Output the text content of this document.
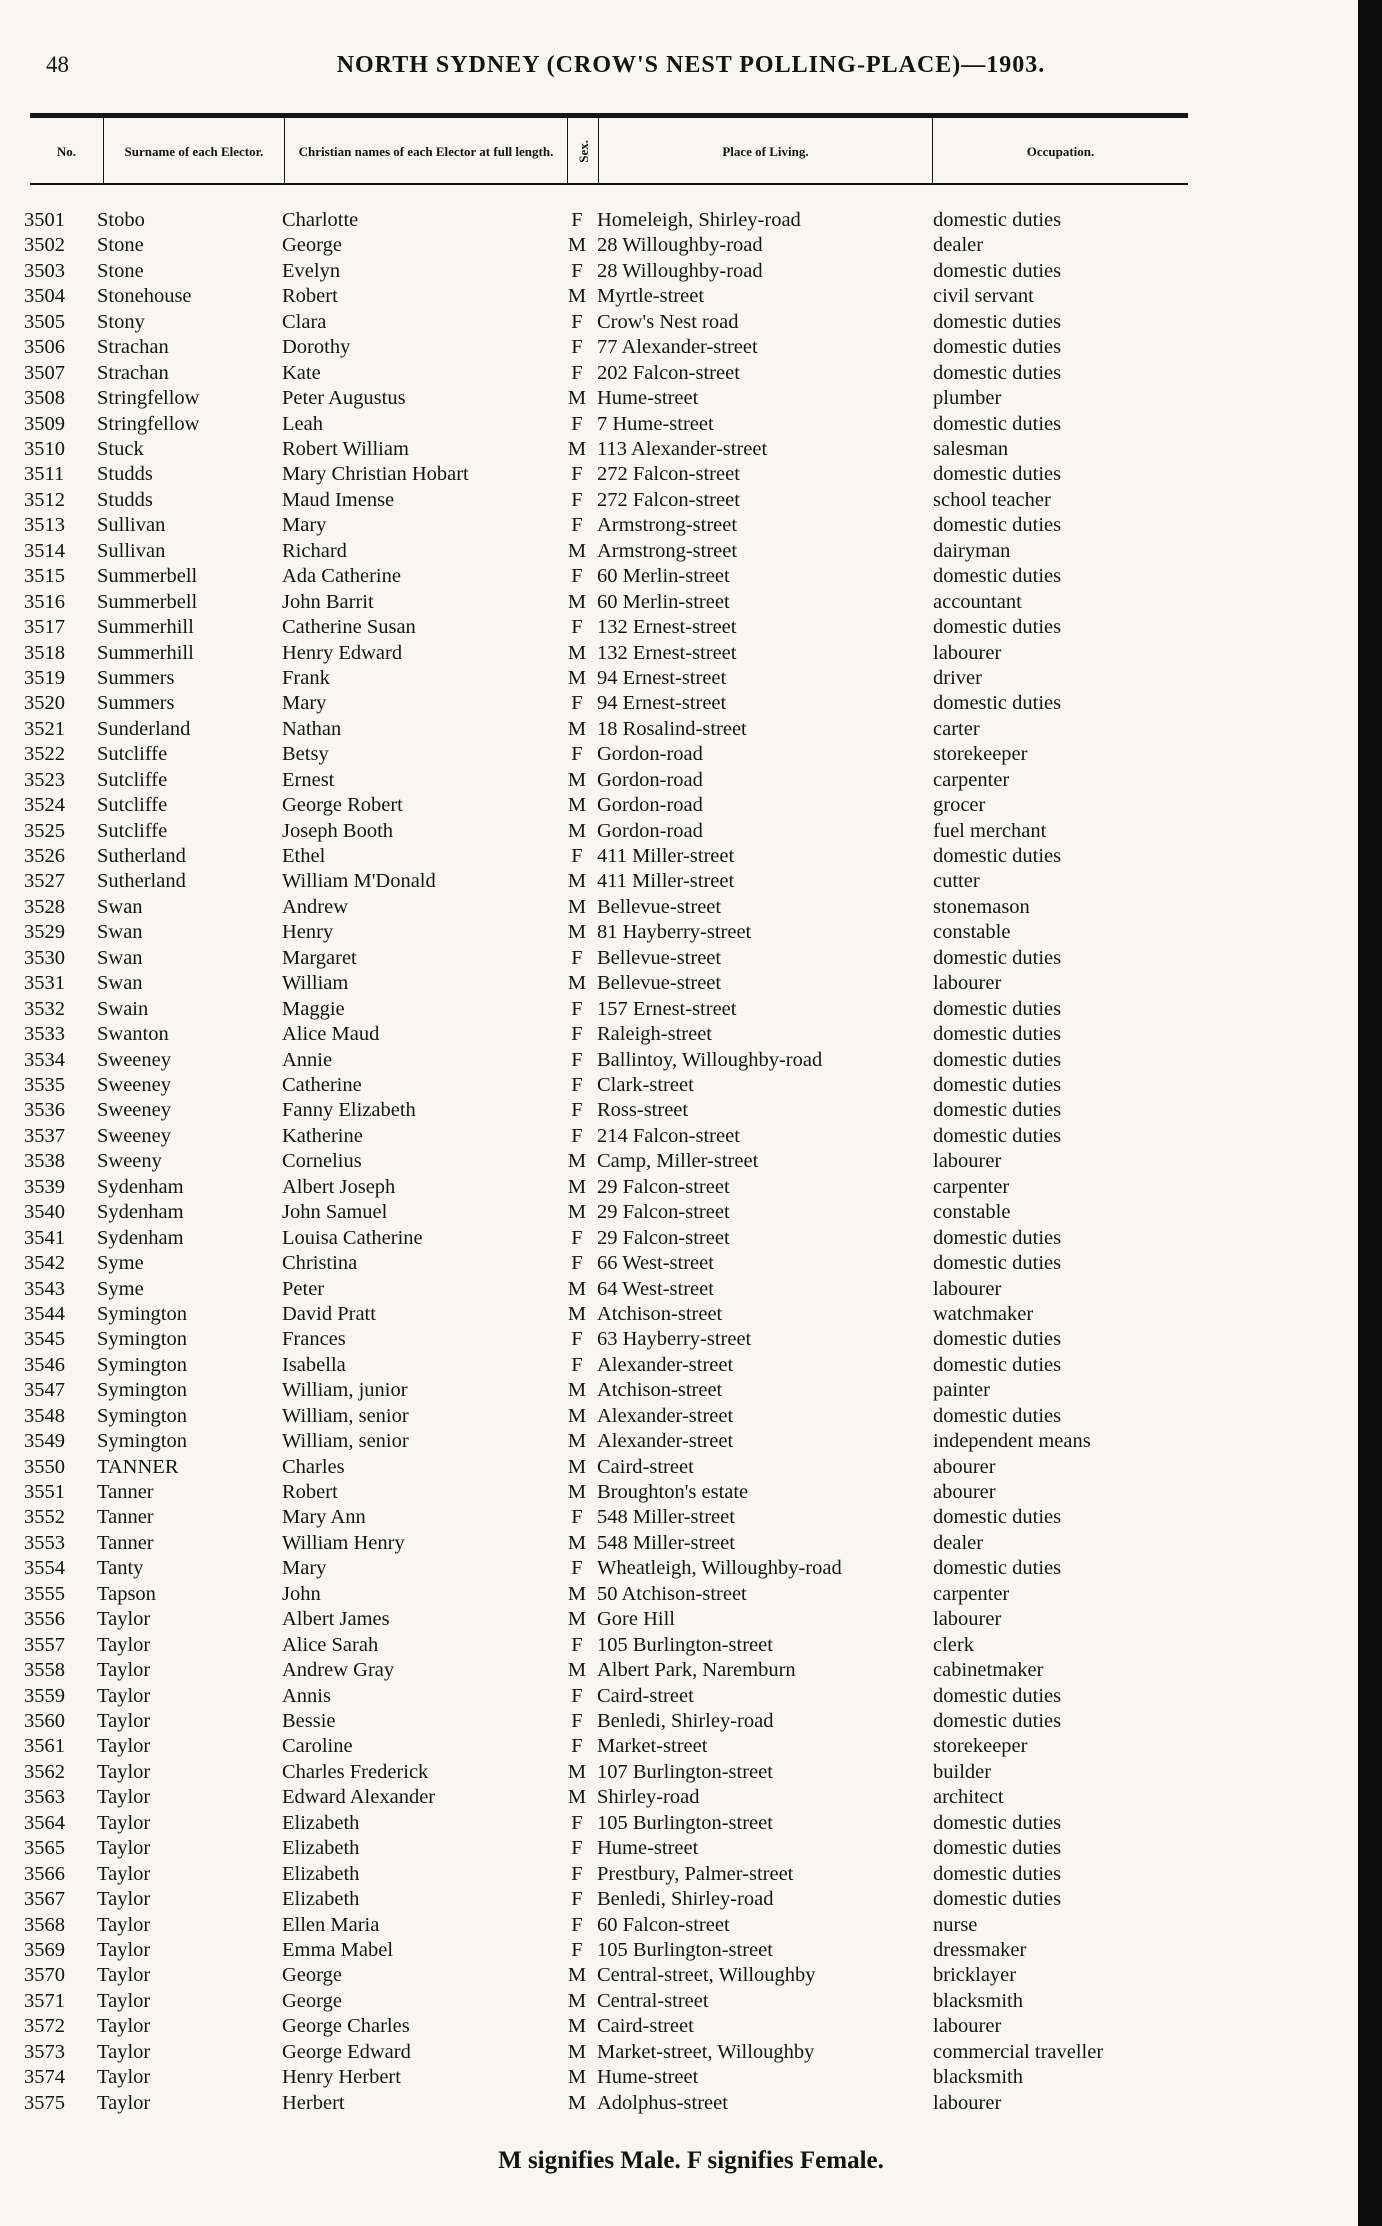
48	NORTH SYDNEY (CROW'S NEST POLLING-PLACE)—1903.
No.	Surname of each Elector.	Christian names of each Elector at full length. Sex.	Place of Living.	Occupation.
3501 Stobo	Charlotte	F Homeleigh, Shirley-road	domestic duties
3502 Stone	George	M 28 Willoughby-road	dealer
3503 Stone	Evelyn	F 28 Willoughby-road	domestic duties
3504 Stonehouse	Robert	M Myrtle-street	civil servant
3505 Stony	Clara	F Crow's Nest road	domestic duties
3506 Strachan	Dorothy	F 77 Alexander-street	domestic duties
3507 Strachan	Kate	F 202 Falcon-street	domestic duties
3508 Stringfellow	Peter Augustus	M Hume-street	plumber
3509 Stringfellow	Leah	F 7 Hume-street	domestic duties
3510 Stuck	Robert William	M 113 Alexander-street	salesman
3511 Studds	Mary Christian Hobart	F 272 Falcon-street	domestic duties
3512 Studds	Maud Imense	F 272 Falcon-street	school teacher
3513 Sullivan	Mary	F Armstrong-street	domestic duties
3514 Sullivan	Richard	M Armstrong-street	dairyman
3515 Summerbell	Ada Catherine	F 60 Merlin-street	domestic duties
3516 Summerbell	John Barrit	M 60 Merlin-street	accountant
3517 Summerhill	Catherine Susan	F 132 Ernest-street	domestic duties
3518 Summerhill	Henry Edward	M 132 Ernest-street	labourer
3519 Summers	Frank	M 94 Ernest-street	driver
3520 Summers	Mary	F 94 Ernest-street	domestic duties
3521 Sunderland	Nathan	M 18 Rosalind-street	carter
3522 Sutcliffe	Betsy	F Gordon-road	storekeeper
3523 Sutcliffe	Ernest	M Gordon-road	carpenter
3524 Sutcliffe	George Robert	M Gordon-road	grocer
3525 Sutcliffe	Joseph Booth	M Gordon-road	fuel merchant
3526 Sutherland	Ethel	F 411 Miller-street	domestic duties
3527 Sutherland	William M'Donald	M 411 Miller-street	cutter
3528 Swan	Andrew	M Bellevue-street	stonemason
3529 Swan	Henry	M 81 Hayberry-street	constable
3530 Swan	Margaret	F Bellevue-street	domestic duties
3531 Swan	William	M Bellevue-street	labourer
3532 Swain	Maggie	F 157 Ernest-street	domestic duties
3533 Swanton	Alice Maud	F Raleigh-street	domestic duties
3534 Sweeney	Annie	F Ballintoy, Willoughby-road	domestic duties
3535 Sweeney	Catherine	F Clark-street	domestic duties
3536 Sweeney	Fanny Elizabeth	F Ross-street	domestic duties
3537 Sweeney	Katherine	F 214 Falcon-street	domestic duties
3538 Sweeny	Cornelius	M Camp, Miller-street	labourer
3539 Sydenham	Albert Joseph	M 29 Falcon-street	carpenter
3540 Sydenham	John Samuel	M 29 Falcon-street	constable
3541 Sydenham	Louisa Catherine	F 29 Falcon-street	domestic duties
3542 Syme	Christina	F 66 West-street	domestic duties
3543 Syme	Peter	M 64 West-street	labourer
3544 Symington	David Pratt	M Atchison-street	watchmaker
3545 Symington	Frances	F 63 Hayberry-street	domestic duties
3546 Symington	Isabella	F Alexander-street	domestic duties
3547 Symington	William, junior	M Atchison-street	painter
3548 Symington	William, senior	M Alexander-street	domestic duties
3549 Symington	William, senior	M Alexander-street	independent means
3550 TANNER	Charles	M Caird-street	abourer
3551 Tanner	Robert	M Broughton's estate	abourer
3552 Tanner	Mary Ann	F 548 Miller-street	domestic duties
3553 Tanner	William Henry	M 548 Miller-street	dealer
3554 Tanty	Mary	F Wheatleigh, Willoughby-road	domestic duties
3555 Tapson	John	M 50 Atchison-street	carpenter
3556 Taylor	Albert James	M Gore Hill	labourer
3557 Taylor	Alice Sarah	F 105 Burlington-street	clerk
3558 Taylor	Andrew Gray	M Albert Park, Naremburn	cabinetmaker
3559 Taylor	Annis	F Caird-street	domestic duties
3560 Taylor	Bessie	F Benledi, Shirley-road	domestic duties
3561 Taylor	Caroline	F Market-street	storekeeper
3562 Taylor	Charles Frederick	M 107 Burlington-street	builder
3563 Taylor	Edward Alexander	M Shirley-road	architect
3564 Taylor	Elizabeth	F 105 Burlington-street	domestic duties
3565 Taylor	Elizabeth	F Hume-street	domestic duties
3566 Taylor	Elizabeth	F Prestbury, Palmer-street	domestic duties
3567 Taylor	Elizabeth	F Benledi, Shirley-road	domestic duties
3568 Taylor	Ellen Maria	F 60 Falcon-street	nurse
3569 Taylor	Emma Mabel	F 105 Burlington-street	dressmaker
3570 Taylor	George	M Central-street, Willoughby	bricklayer
3571 Taylor	George	M Central-street	blacksmith
3572 Taylor	George Charles	M Caird-street	labourer
3573 Taylor	George Edward	M Market-street, Willoughby	commercial traveller
3574 Taylor	Henry Herbert	M Hume-street	blacksmith
3575 Taylor	Herbert	M Adolphus-street	labourer
M signifies Male. F signifies Female.
